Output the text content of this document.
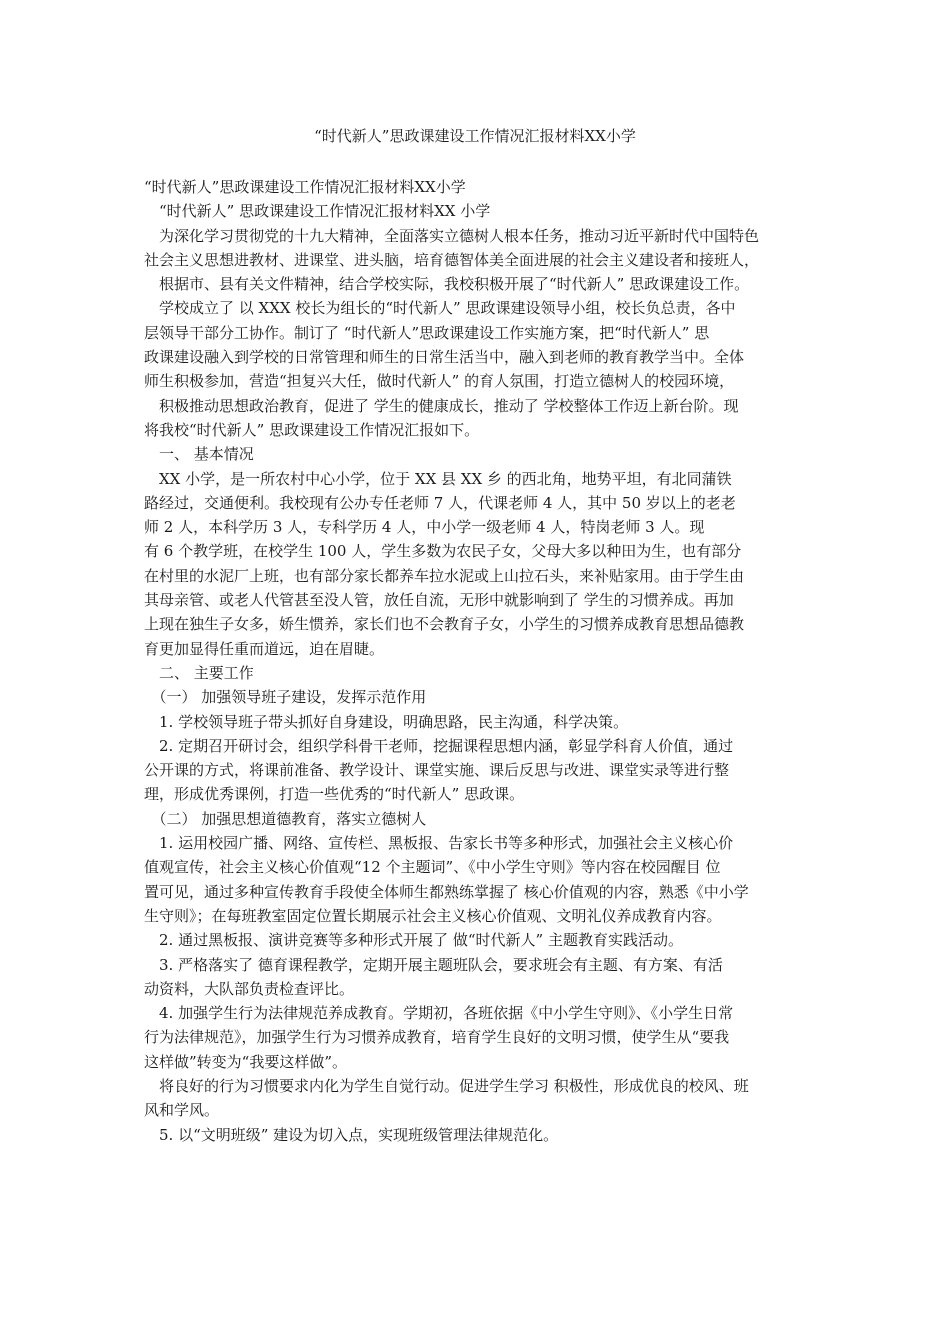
“时代新人”思政课建设工作情况汇报材料XX小学
“时代新人”思政课建设工作情况汇报材料XX小学
　“时代新人” 思政课建设工作情况汇报材料XX 小学
　为深化学习贯彻党的十九大精神，全面落实立德树人根本任务，推动习近平新时代中国特色
社会主义思想进教材、进课堂、进头脑，培育德智体美全面进展的社会主义建设者和接班人，
　根据市、县有关文件精神，结合学校实际，我校积极开展了“时代新人” 思政课建设工作。
　学校成立了 以 XXX 校长为组长的“时代新人” 思政课建设领导小组，校长负总责，各中
层领导干部分工协作。制订了 “时代新人”思政课建设工作实施方案，把“时代新人” 思
政课建设融入到学校的日常管理和师生的日常生活当中，融入到老师的教育教学当中。全体
师生积极参加，营造“担复兴大任，做时代新人” 的育人氛围，打造立德树人的校园环境，
　积极推动思想政治教育，促进了 学生的健康成长，推动了 学校整体工作迈上新台阶。现
将我校“时代新人” 思政课建设工作情况汇报如下。
　一、 基本情况
　XX 小学，是一所农村中心小学，位于 XX 县 XX 乡 的西北角，地势平坦，有北同蒲铁
路经过，交通便利。我校现有公办专任老师 7 人，代课老师 4 人，其中 50 岁以上的老老
师 2 人，本科学历 3 人，专科学历 4 人，中小学一级老师 4 人，特岗老师 3 人。现
有 6 个教学班，在校学生 100 人，学生多数为农民子女，父母大多以种田为生，也有部分
在村里的水泥厂上班，也有部分家长都养车拉水泥或上山拉石头，来补贴家用。由于学生由
其母亲管、或老人代管甚至没人管，放任自流，无形中就影响到了 学生的习惯养成。再加
上现在独生子女多，娇生惯养，家长们也不会教育子女，小学生的习惯养成教育思想品德教
育更加显得任重而道远，迫在眉睫。
　二、 主要工作
　（一） 加强领导班子建设，发挥示范作用
　1. 学校领导班子带头抓好自身建设，明确思路，民主沟通，科学决策。
　2. 定期召开研讨会，组织学科骨干老师，挖掘课程思想内涵，彰显学科育人价值，通过
公开课的方式，将课前准备、教学设计、课堂实施、课后反思与改进、课堂实录等进行整
理，形成优秀课例，打造一些优秀的“时代新人” 思政课。
　（二） 加强思想道德教育，落实立德树人
　1. 运用校园广播、网络、宣传栏、黑板报、告家长书等多种形式，加强社会主义核心价
值观宣传，社会主义核心价值观“12 个主题词”、《中小学生守则》等内容在校园醒目 位
置可见，通过多种宣传教育手段使全体师生都熟练掌握了 核心价值观的内容，熟悉《中小学
生守则》；在每班教室固定位置长期展示社会主义核心价值观、文明礼仪养成教育内容。
　2. 通过黑板报、演讲竞赛等多种形式开展了 做“时代新人” 主题教育实践活动。
　3. 严格落实了 德育课程教学，定期开展主题班队会，要求班会有主题、有方案、有活
动资料，大队部负责检查评比。
　4. 加强学生行为法律规范养成教育。学期初，各班依据《中小学生守则》、《小学生日常
行为法律规范》，加强学生行为习惯养成教育，培育学生良好的文明习惯，使学生从“要我
这样做”转变为“我要这样做”。
　将良好的行为习惯要求内化为学生自觉行动。促进学生学习 积极性，形成优良的校风、班
风和学风。
　5. 以“文明班级” 建设为切入点，实现班级管理法律规范化。
